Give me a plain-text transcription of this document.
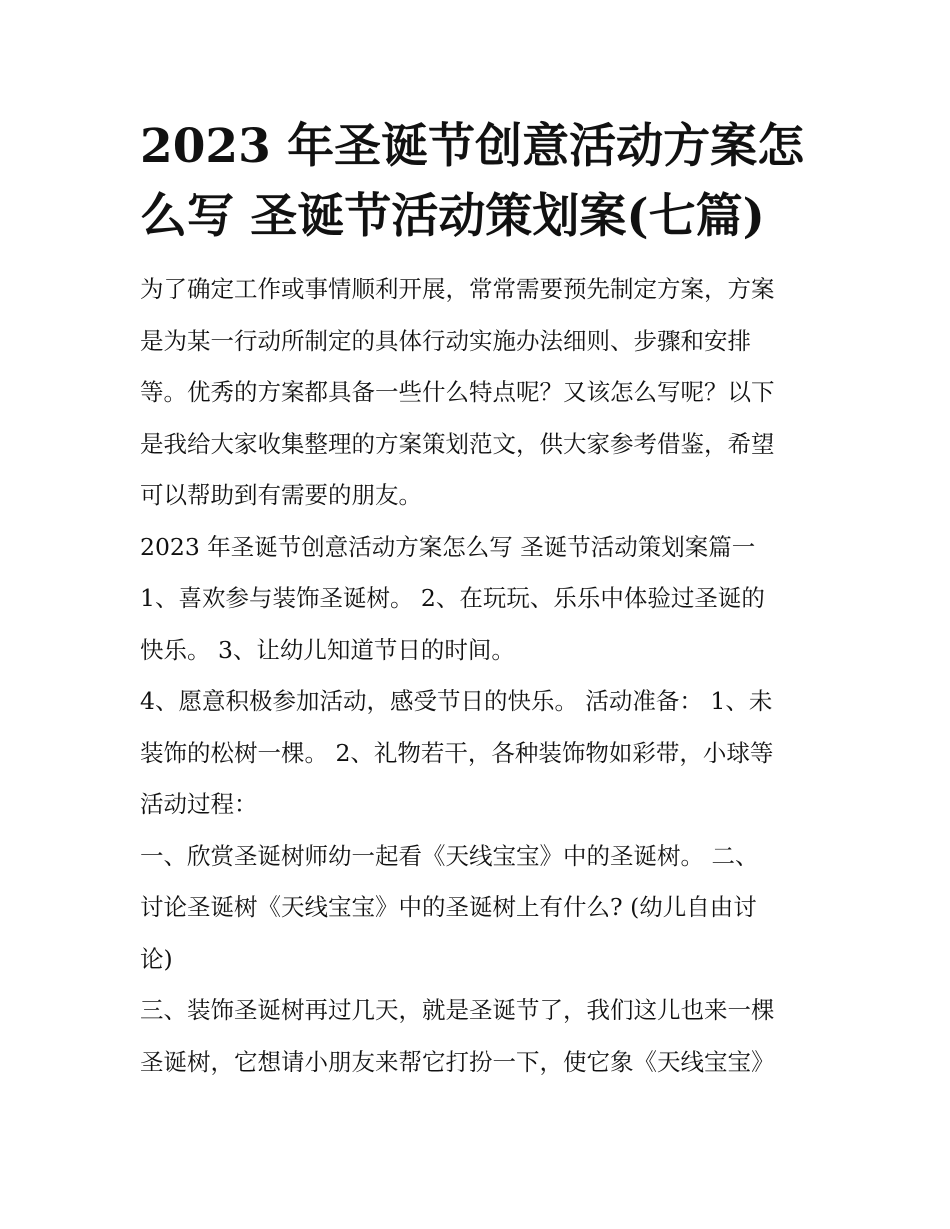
2023 年圣诞节创意活动方案怎
么写 圣诞节活动策划案(七篇)

为了确定工作或事情顺利开展，常常需要预先制定方案，方案
是为某一行动所制定的具体行动实施办法细则、步骤和安排
等。优秀的方案都具备一些什么特点呢？又该怎么写呢？以下
是我给大家收集整理的方案策划范文，供大家参考借鉴，希望
可以帮助到有需要的朋友。

2023 年圣诞节创意活动方案怎么写 圣诞节活动策划案篇一

1、喜欢参与装饰圣诞树。 2、在玩玩、乐乐中体验过圣诞的
快乐。 3、让幼儿知道节日的时间。

4、愿意积极参加活动，感受节日的快乐。 活动准备： 1、未
装饰的松树一棵。 2、礼物若干，各种装饰物如彩带，小球等
活动过程：

一、欣赏圣诞树师幼一起看《天线宝宝》中的圣诞树。 二、
讨论圣诞树《天线宝宝》中的圣诞树上有什么? (幼儿自由讨
论)

三、装饰圣诞树再过几天，就是圣诞节了，我们这儿也来一棵
圣诞树，它想请小朋友来帮它打扮一下，使它象《天线宝宝》
